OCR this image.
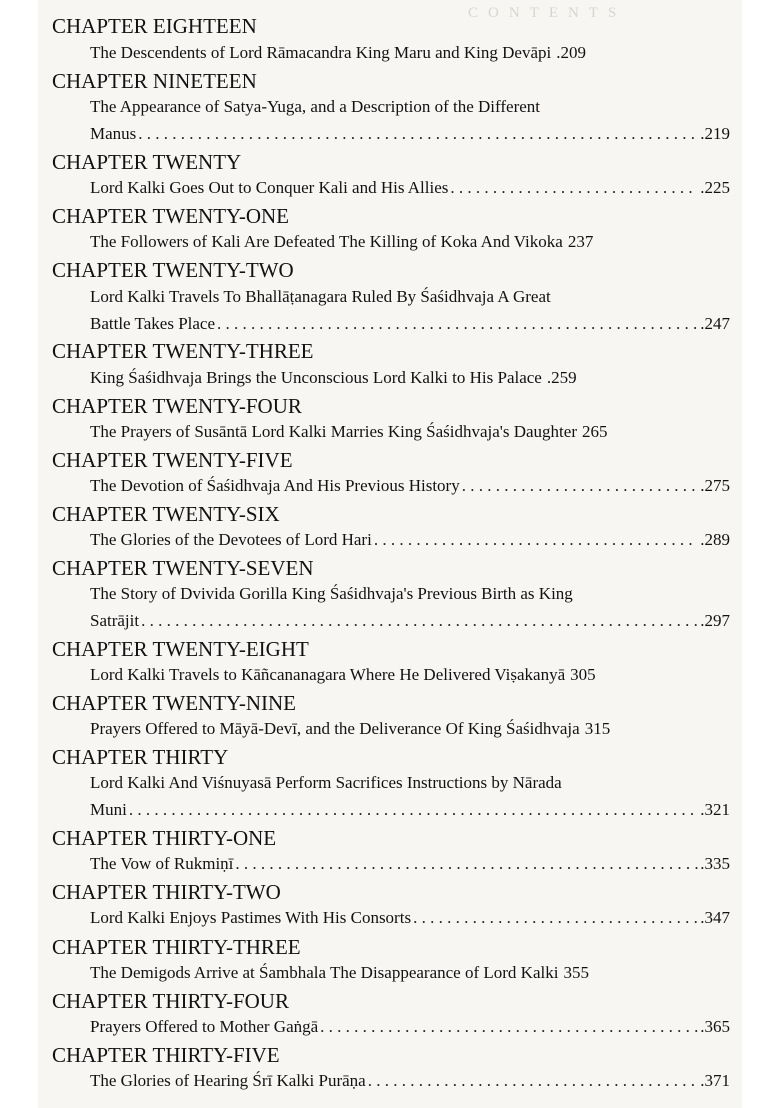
CONTENTS
CHAPTER EIGHTEEN
The Descendents of Lord Rāmacandra King Maru and King Devāpi .209
CHAPTER NINETEEN
The Appearance of Satya-Yuga, and a Description of the Different
Manus . . .	.219
CHAPTER TWENTY
Lord Kalki Goes Out to Conquer Kali and His Allies . . .	.225
CHAPTER TWENTY-ONE
The Followers of Kali Are Defeated The Killing of Koka And Vikoka 237
CHAPTER TWENTY-TWO
Lord Kalki Travels To Bhallāṭanagara Ruled By Śaśidhvaja A Great
Battle Takes Place . . .	.247
CHAPTER TWENTY-THREE
King Śaśidhvaja Brings the Unconscious Lord Kalki to His Palace .259
CHAPTER TWENTY-FOUR
The Prayers of Susāntā Lord Kalki Marries King Śaśidhvaja's Daughter 265
CHAPTER TWENTY-FIVE
The Devotion of Śaśidhvaja And His Previous History . . .	.275
CHAPTER TWENTY-SIX
The Glories of the Devotees of Lord Hari . . .	.289
CHAPTER TWENTY-SEVEN
The Story of Dvivida Gorilla King Śaśidhvaja's Previous Birth as King
Satrājit . . .	.297
CHAPTER TWENTY-EIGHT
Lord Kalki Travels to Kāñcananagara Where He Delivered Viṣakanyā 305
CHAPTER TWENTY-NINE
Prayers Offered to Māyā-Devī, and the Deliverance Of King Śaśidhvaja 315
CHAPTER THIRTY
Lord Kalki And Viśnuyasā Perform Sacrifices Instructions by Nārada
Muni . . .	.321
CHAPTER THIRTY-ONE
The Vow of Rukmiṇī . . .	.335
CHAPTER THIRTY-TWO
Lord Kalki Enjoys Pastimes With His Consorts . . .	.347
CHAPTER THIRTY-THREE
The Demigods Arrive at Śambhala The Disappearance of Lord Kalki 355
CHAPTER THIRTY-FOUR
Prayers Offered to Mother Gaṅgā . . .	.365
CHAPTER THIRTY-FIVE
The Glories of Hearing Śrī Kalki Purāṇa . . .	.371
